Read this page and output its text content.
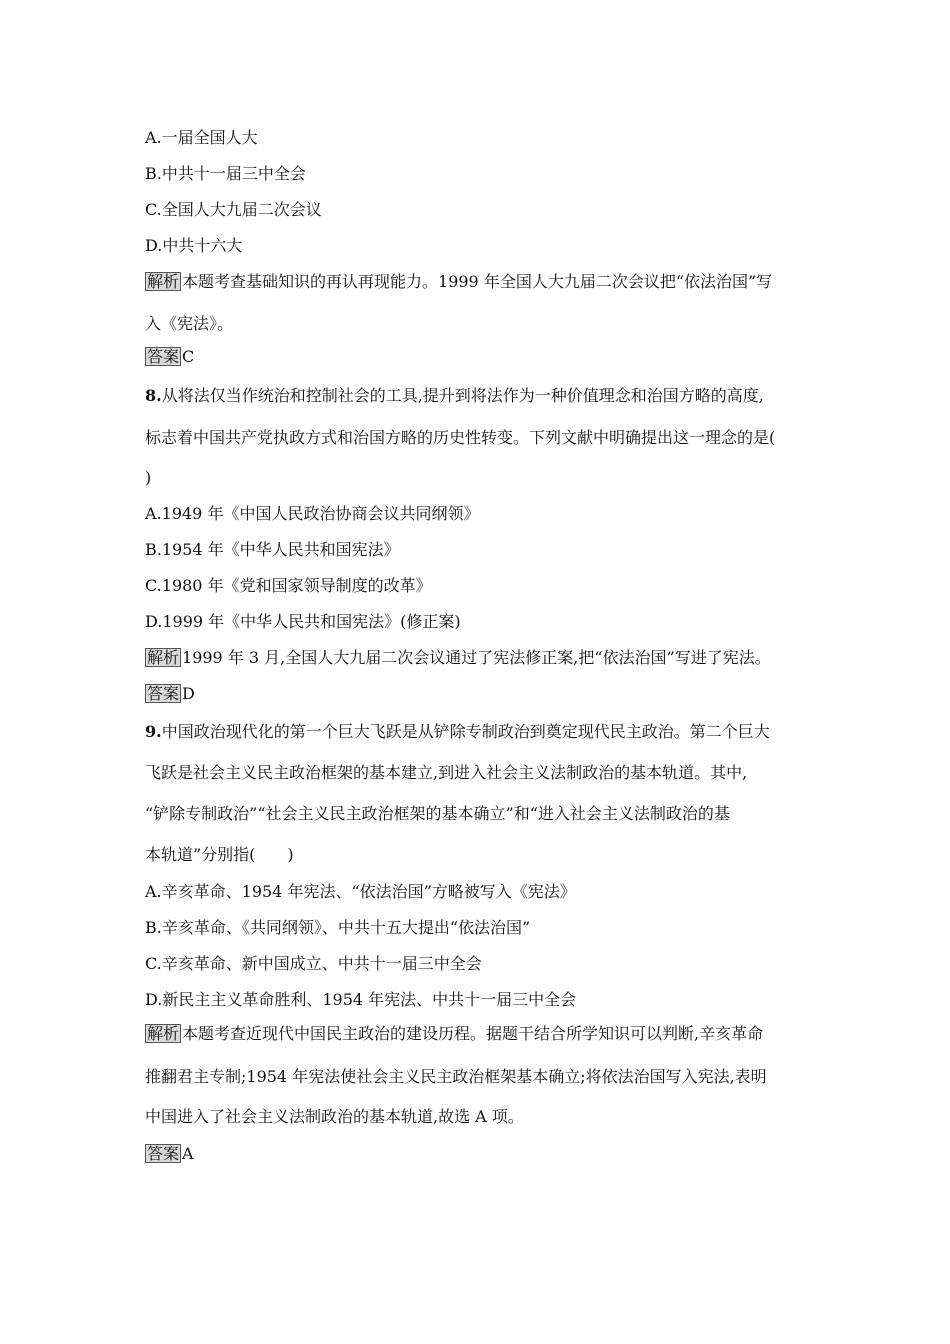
A.一届全国人大
B.中共十一届三中全会
C.全国人大九届二次会议
D.中共十六大
解析 本题考查基础知识的再认再现能力。1999 年全国人大九届二次会议把“依法治国”写
入《宪法》。
答案 C
8.从将法仅当作统治和控制社会的工具,提升到将法作为一种价值理念和治国方略的高度,
标志着中国共产党执政方式和治国方略的历史性转变。下列文献中明确提出这一理念的是(
)
A.1949 年《中国人民政治协商会议共同纲领》
B.1954 年《中华人民共和国宪法》
C.1980 年《党和国家领导制度的改革》
D.1999 年《中华人民共和国宪法》(修正案)
解析 1999 年 3 月,全国人大九届二次会议通过了宪法修正案,把“依法治国”写进了宪法。
答案 D
9.中国政治现代化的第一个巨大飞跃是从铲除专制政治到奠定现代民主政治。第二个巨大
飞跃是社会主义民主政治框架的基本建立,到进入社会主义法制政治的基本轨道。其中,
“铲除专制政治”“社会主义民主政治框架的基本确立”和“进入社会主义法制政治的基
本轨道”分别指(　　)
A.辛亥革命、1954 年宪法、“依法治国”方略被写入《宪法》
B.辛亥革命、《共同纲领》、中共十五大提出“依法治国”
C.辛亥革命、新中国成立、中共十一届三中全会
D.新民主主义革命胜利、1954 年宪法、中共十一届三中全会
解析 本题考查近现代中国民主政治的建设历程。据题干结合所学知识可以判断,辛亥革命
推翻君主专制;1954 年宪法使社会主义民主政治框架基本确立;将依法治国写入宪法,表明
中国进入了社会主义法制政治的基本轨道,故选 A 项。
答案 A
